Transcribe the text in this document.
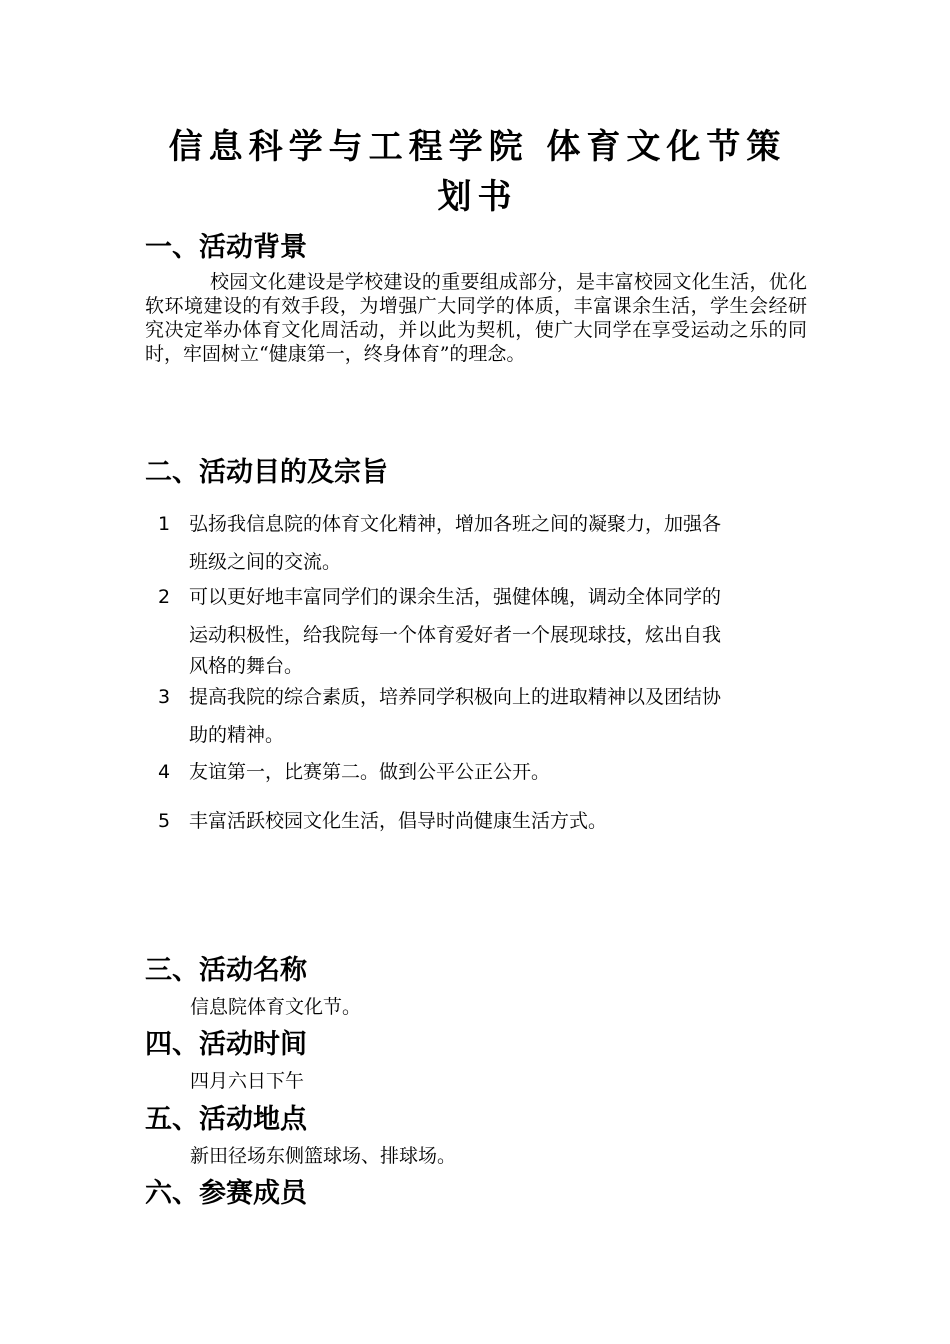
信息科学与工程学院 体育文化节策
划书
一、活动背景
校园文化建设是学校建设的重要组成部分，是丰富校园文化生活，优化软环境建设的有效手段，为增强广大同学的体质，丰富课余生活，学生会经研究决定举办体育文化周活动，并以此为契机，使广大同学在享受运动之乐的同时，牢固树立“健康第一，终身体育”的理念。
二、活动目的及宗旨
1 弘扬我信息院的体育文化精神，增加各班之间的凝聚力，加强各
班级之间的交流。
2 可以更好地丰富同学们的课余生活，强健体魄，调动全体同学的
运动积极性，给我院每一个体育爱好者一个展现球技，炫出自我
风格的舞台。
3 提高我院的综合素质，培养同学积极向上的进取精神以及团结协
助的精神。
4 友谊第一，比赛第二。做到公平公正公开。
5 丰富活跃校园文化生活，倡导时尚健康生活方式。
三、活动名称
信息院体育文化节。
四、活动时间
四月六日下午
五、活动地点
新田径场东侧篮球场、排球场。
六、参赛成员
